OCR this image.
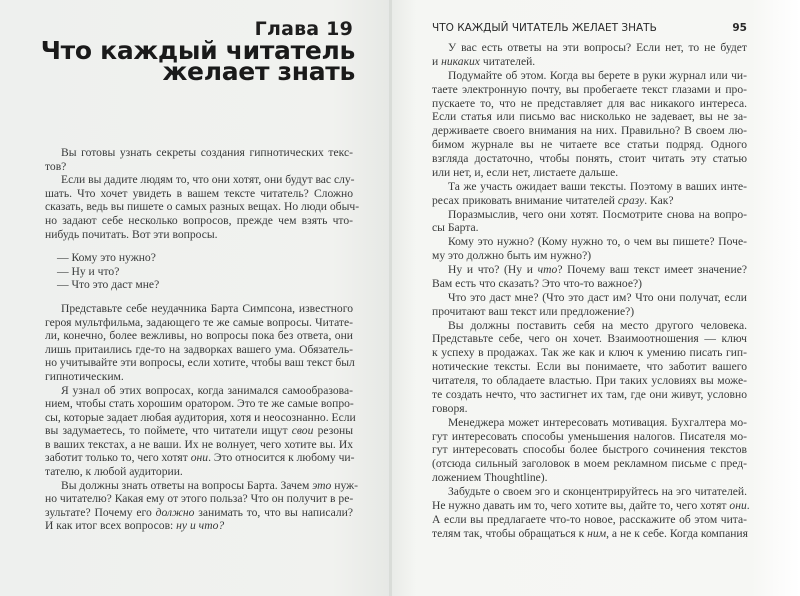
Глава 19
Что каждый читатель
желает знать
Вы готовы узнать секреты создания гипнотических текс-
тов?
Если вы дадите людям то, что они хотят, они будут вас слу-
шать. Что хочет увидеть в вашем тексте читатель? Сложно
сказать, ведь вы пишете о самых разных вещах. Но люди обыч-
но задают себе несколько вопросов, прежде чем взять что-
нибудь почитать. Вот эти вопросы.
— Кому это нужно?
— Ну и что?
— Что это даст мне?
Представьте себе неудачника Барта Симпсона, известного
героя мультфильма, задающего те же самые вопросы. Читате-
ли, конечно, более вежливы, но вопросы пока без ответа, они
лишь притаились где-то на задворках вашего ума. Обязатель-
но учитывайте эти вопросы, если хотите, чтобы ваш текст был
гипнотическим.
Я узнал об этих вопросах, когда занимался самообразова-
нием, чтобы стать хорошим оратором. Это те же самые вопро-
сы, которые задает любая аудитория, хотя и неосознанно. Если
вы задумаетесь, то поймете, что читатели ищут свои резоны
в ваших текстах, а не ваши. Их не волнует, чего хотите вы. Их
заботит только то, чего хотят они. Это относится к любому чи-
тателю, к любой аудитории.
Вы должны знать ответы на вопросы Барта. Зачем это нуж-
но читателю? Какая ему от этого польза? Что он получит в ре-
зультате? Почему его должно занимать то, что вы написали?
И как итог всех вопросов: ну и что?
ЧТО КАЖДЫЙ ЧИТАТЕЛЬ ЖЕЛАЕТ ЗНАТЬ	95
У вас есть ответы на эти вопросы? Если нет, то не будет
и никаких читателей.
Подумайте об этом. Когда вы берете в руки журнал или чи-
таете электронную почту, вы пробегаете текст глазами и про-
пускаете то, что не представляет для вас никакого интереса.
Если статья или письмо вас нисколько не задевает, вы не за-
держиваете своего внимания на них. Правильно? В своем лю-
бимом журнале вы не читаете все статьи подряд. Одного
взгляда достаточно, чтобы понять, стоит читать эту статью
или нет, и, если нет, листаете дальше.
Та же участь ожидает ваши тексты. Поэтому в ваших инте-
ресах приковать внимание читателей сразу. Как?
Поразмыслив, чего они хотят. Посмотрите снова на вопро-
сы Барта.
Кому это нужно? (Кому нужно то, о чем вы пишете? Поче-
му это должно быть им нужно?)
Ну и что? (Ну и что? Почему ваш текст имеет значение?
Вам есть что сказать? Это что-то важное?)
Что это даст мне? (Что это даст им? Что они получат, если
прочитают ваш текст или предложение?)
Вы должны поставить себя на место другого человека.
Представьте себе, чего он хочет. Взаимоотношения — ключ
к успеху в продажах. Так же как и ключ к умению писать гип-
нотические тексты. Если вы понимаете, что заботит вашего
читателя, то обладаете властью. При таких условиях вы може-
те создать нечто, что застигнет их там, где они живут, условно
говоря.
Менеджера может интересовать мотивация. Бухгалтера мо-
гут интересовать способы уменьшения налогов. Писателя мо-
гут интересовать способы более быстрого сочинения текстов
(отсюда сильный заголовок в моем рекламном письме с пред-
ложением Thoughtline).
Забудьте о своем эго и сконцентрируйтесь на эго читателей.
Не нужно давать им то, чего хотите вы, дайте то, чего хотят они.
А если вы предлагаете что-то новое, расскажите об этом чита-
телям так, чтобы обращаться к ним, а не к себе. Когда компания
